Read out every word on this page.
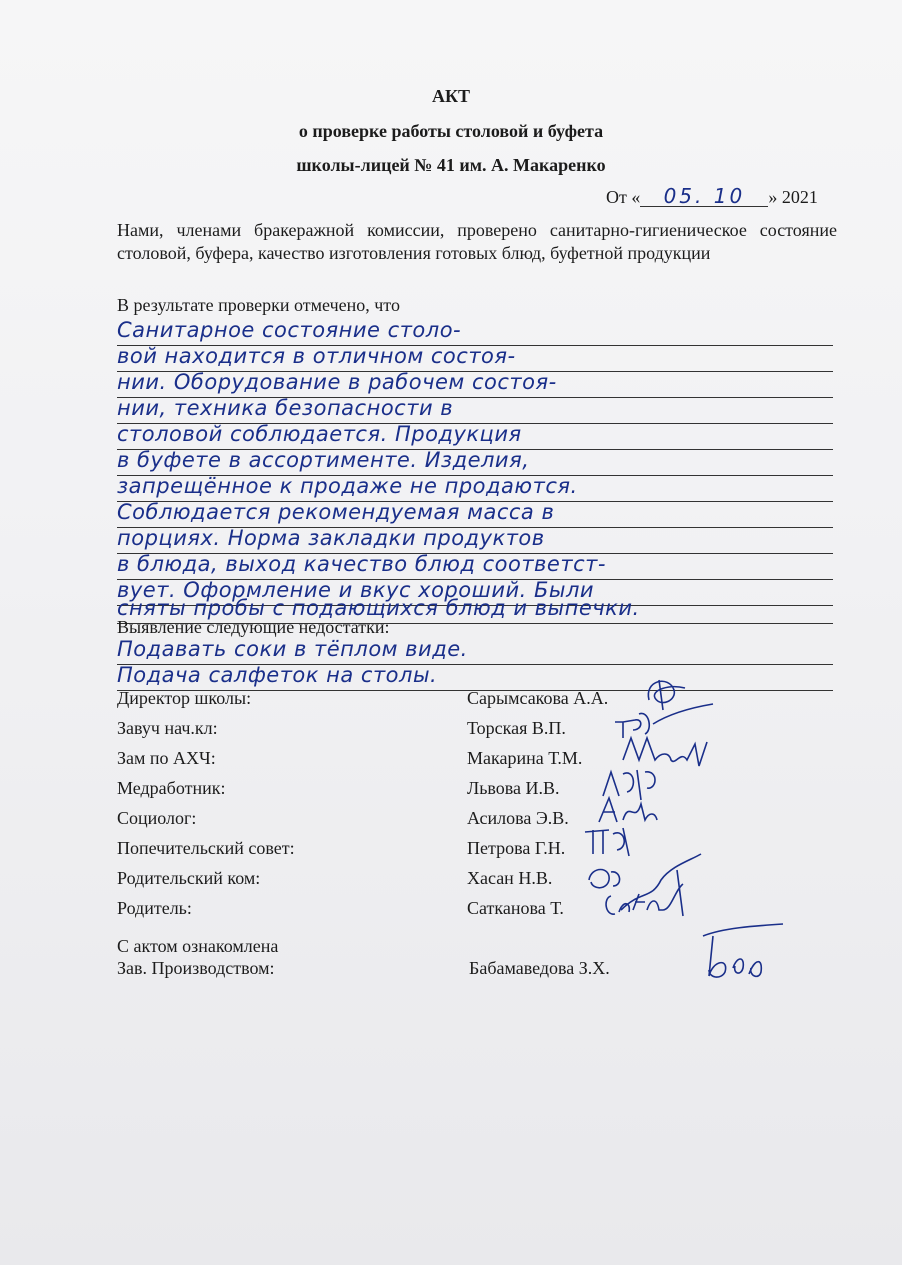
АКТ
о проверке работы столовой и буфета
школы-лицей № 41 им. А. Макаренко
От « 05. 10 » 2021
Нами, членами бракеражной комиссии, проверено санитарно-гигиеническое состояние столовой, буфера, качество изготовления готовых блюд, буфетной продукции
В результате проверки отмечено, что
Санитарное состояние столо-
вой находится в отличном состоя-
нии. Оборудование в рабочем состоя-
нии, техника безопасности в
столовой соблюдается. Продукция
в буфете в ассортименте. Изделия,
запрещённое к продаже не продаются.
Соблюдается рекомендуемая масса в
порциях. Норма закладки продуктов
в блюда, выход качество блюд соответст-
вует. Оформление и вкус хороший. Были
сняты пробы с подающихся блюд и выпечки.
Выявление следующие недостатки:
Подавать соки в тёплом виде.
Подача салфеток на столы.
Директор школы:	Сарымсакова А.А.
Завуч нач.кл:	Торская В.П.
Зам по АХЧ:	Макарина Т.М.
Медработник:	Львова И.В.
Социолог:	Асилова Э.В.
Попечительский совет:	Петрова Г.Н.
Родительский ком:	Хасан Н.В.
Родитель:	Сатканова Т.
С актом ознакомлена
Зав. Производством:	Бабамаведова З.Х.
